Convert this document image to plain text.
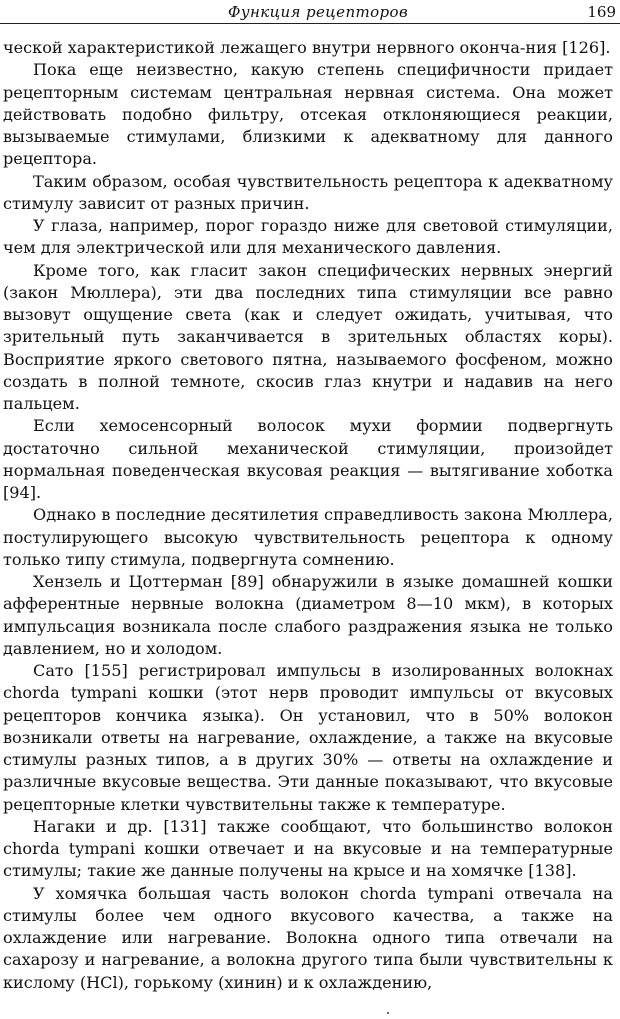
Функция рецепторов	169

ческой характеристикой лежащего внутри нервного оконча-ния [126].

Пока еще неизвестно, какую степень специфичности придает рецепторным системам центральная нервная система. Она может действовать подобно фильтру, отсекая отклоняющиеся реакции, вызываемые стимулами, близкими к адекватному для данного рецептора.

Таким образом, особая чувствительность рецептора к адекватному стимулу зависит от разных причин.

У глаза, например, порог гораздо ниже для световой стимуляции, чем для электрической или для механического давления.

Кроме того, как гласит закон специфических нервных энергий (закон Мюллера), эти два последних типа стимуляции все равно вызовут ощущение света (как и следует ожидать, учитывая, что зрительный путь заканчивается в зрительных областях коры). Восприятие яркого светового пятна, называемого фосфеном, можно создать в полной темноте, скосив глаз кнутри и надавив на него пальцем.

Если хемосенсорный волосок мухи формии подвергнуть достаточно сильной механической стимуляции, произойдет нормальная поведенческая вкусовая реакция — вытягивание хоботка [94].

Однако в последние десятилетия справедливость закона Мюллера, постулирующего высокую чувствительность рецептора к одному только типу стимула, подвергнута сомнению.

Хензель и Цоттерман [89] обнаружили в языке домашней кошки афферентные нервные волокна (диаметром 8—10 мкм), в которых импульсация возникала после слабого раздражения языка не только давлением, но и холодом.

Сато [155] регистрировал импульсы в изолированных волокнах chorda tympani кошки (этот нерв проводит импульсы от вкусовых рецепторов кончика языка). Он установил, что в 50% волокон возникали ответы на нагревание, охлаждение, а также на вкусовые стимулы разных типов, а в других 30% — ответы на охлаждение и различные вкусовые вещества. Эти данные показывают, что вкусовые рецепторные клетки чувствительны также к температуре.

Нагаки и др. [131] также сообщают, что большинство волокон chorda tympani кошки отвечает и на вкусовые и на температурные стимулы; такие же данные получены на крысе и на хомячке [138].

У хомячка большая часть волокон chorda tympani отвечала на стимулы более чем одного вкусового качества, а также на охлаждение или нагревание. Волокна одного типа отвечали на сахарозу и нагревание, а волокна другого типа были чувствительны к кислому (HCl), горькому (хинин) и к охлаждению,
